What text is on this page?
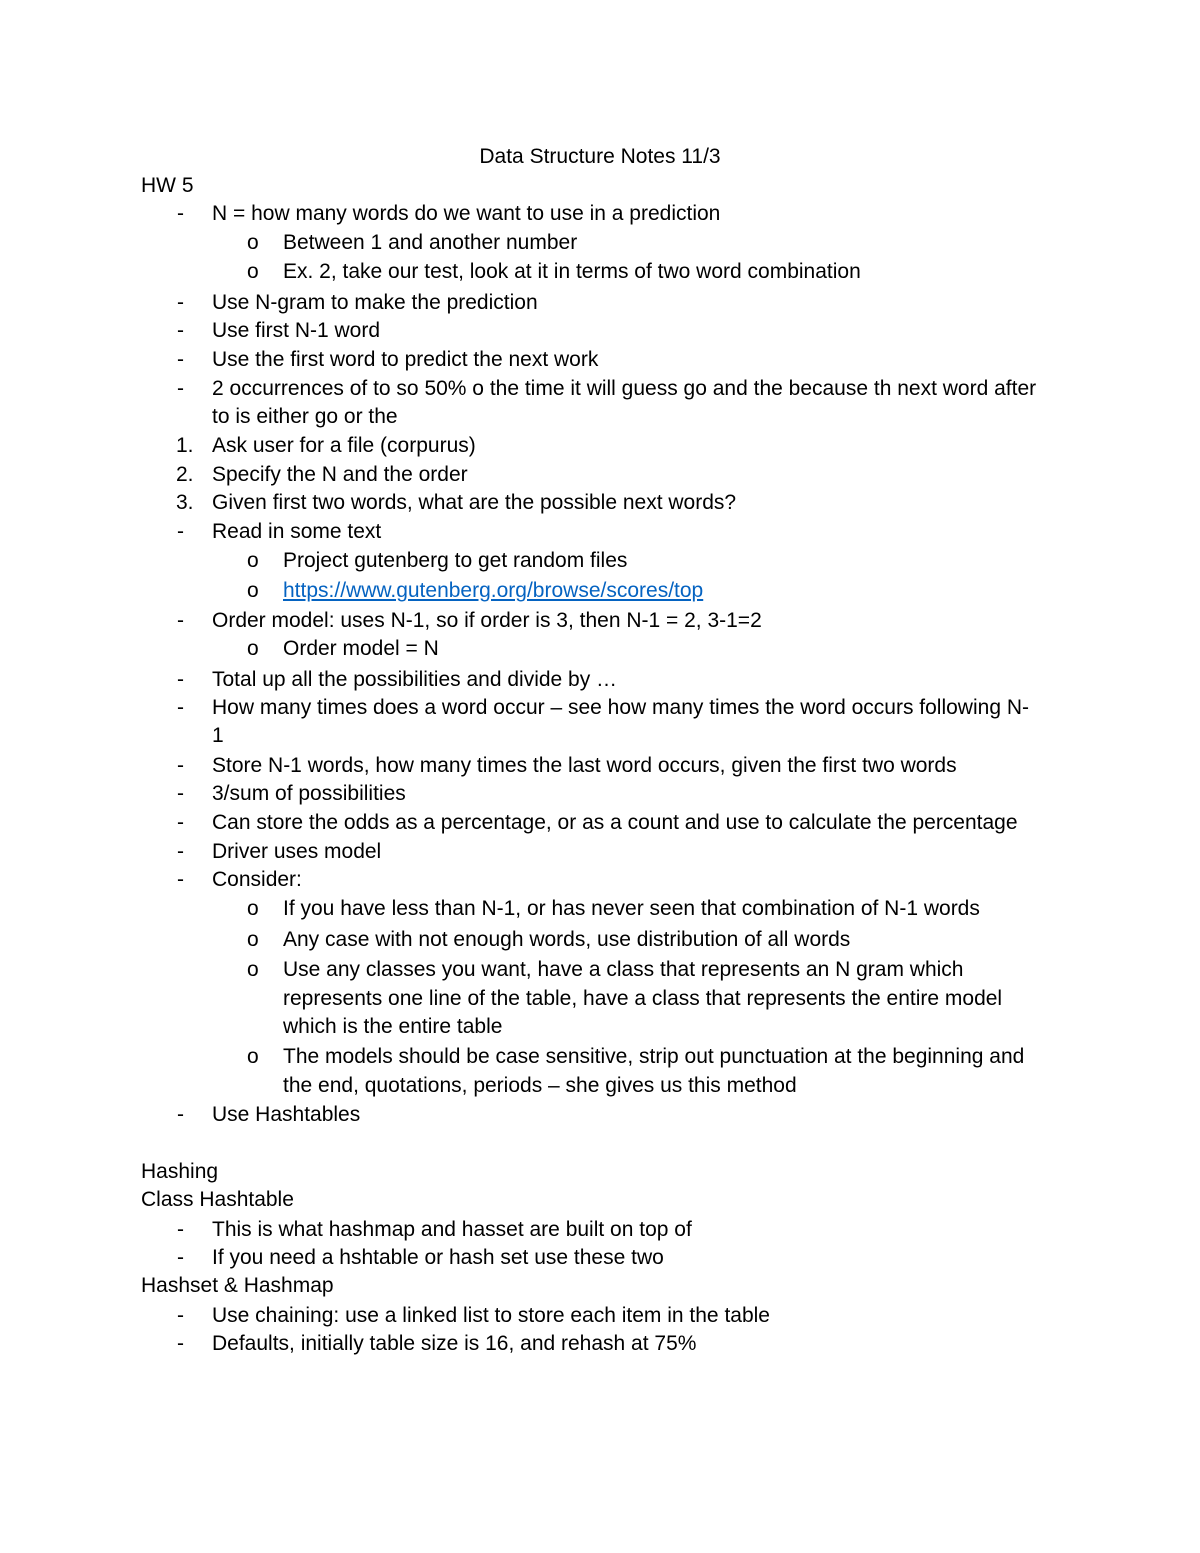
Data Structure Notes 11/3
HW 5
- N = how many words do we want to use in a prediction
o Between 1 and another number
o Ex. 2, take our test, look at it in terms of two word combination
- Use N-gram to make the prediction
- Use first N-1 word
- Use the first word to predict the next work
- 2 occurrences of to so 50% o the time it will guess go and the because th next word after
to is either go or the
1. Ask user for a file (corpurus)
2. Specify the N and the order
3. Given first two words, what are the possible next words?
- Read in some text
o Project gutenberg to get random files
o https://www.gutenberg.org/browse/scores/top
- Order model: uses N-1, so if order is 3, then N-1 = 2, 3-1=2
o Order model = N
- Total up all the possibilities and divide by …
- How many times does a word occur – see how many times the word occurs following N-
1
- Store N-1 words, how many times the last word occurs, given the first two words
- 3/sum of possibilities
- Can store the odds as a percentage, or as a count and use to calculate the percentage
- Driver uses model
- Consider:
o If you have less than N-1, or has never seen that combination of N-1 words
o Any case with not enough words, use distribution of all words
o Use any classes you want, have a class that represents an N gram which
represents one line of the table, have a class that represents the entire model
which is the entire table
o The models should be case sensitive, strip out punctuation at the beginning and
the end, quotations, periods – she gives us this method
- Use Hashtables
Hashing
Class Hashtable
- This is what hashmap and hasset are built on top of
- If you need a hshtable or hash set use these two
Hashset & Hashmap
- Use chaining: use a linked list to store each item in the table
- Defaults, initially table size is 16, and rehash at 75%
